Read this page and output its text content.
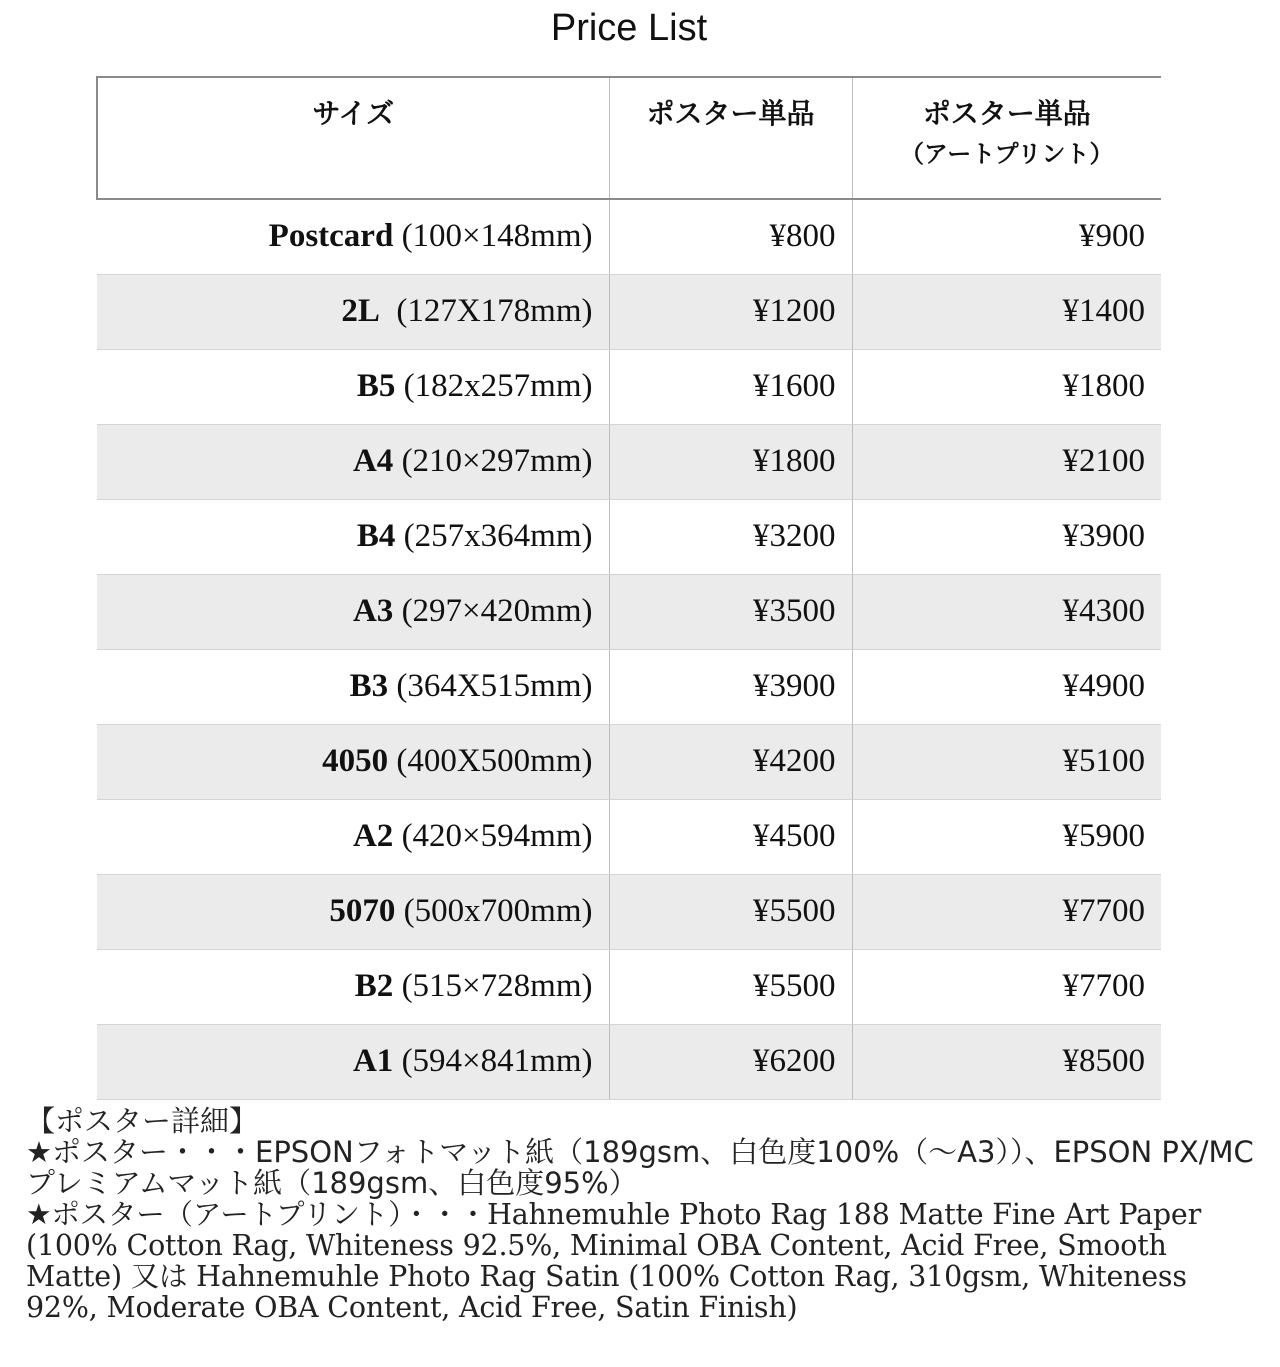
Price List
サイズ	ポスター単品	ポスター単品
（アートプリント）

Postcard (100×148mm)	¥800	¥900
2L  (127X178mm)	¥1200	¥1400
B5 (182x257mm)	¥1600	¥1800
A4 (210×297mm)	¥1800	¥2100
B4 (257x364mm)	¥3200	¥3900
A3 (297×420mm)	¥3500	¥4300
B3 (364X515mm)	¥3900	¥4900
4050 (400X500mm)	¥4200	¥5100
A2 (420×594mm)	¥4500	¥5900
5070 (500x700mm)	¥5500	¥7700
B2 (515×728mm)	¥5500	¥7700
A1 (594×841mm)	¥6200	¥8500
【ポスター詳細】
★ポスター・・・EPSONフォトマット紙（189gsm、白色度100%（〜A3））、EPSON PX/MC
プレミアムマット紙（189gsm、白色度95%）
★ポスター（アートプリント）・・・Hahnemuhle Photo Rag 188 Matte Fine Art Paper (100% Cotton Rag, Whiteness 92.5%, Minimal OBA Content, Acid Free, Smooth Matte) 又は Hahnemuhle Photo Rag Satin (100% Cotton Rag, 310gsm, Whiteness 92%, Moderate OBA Content, Acid Free, Satin Finish)
